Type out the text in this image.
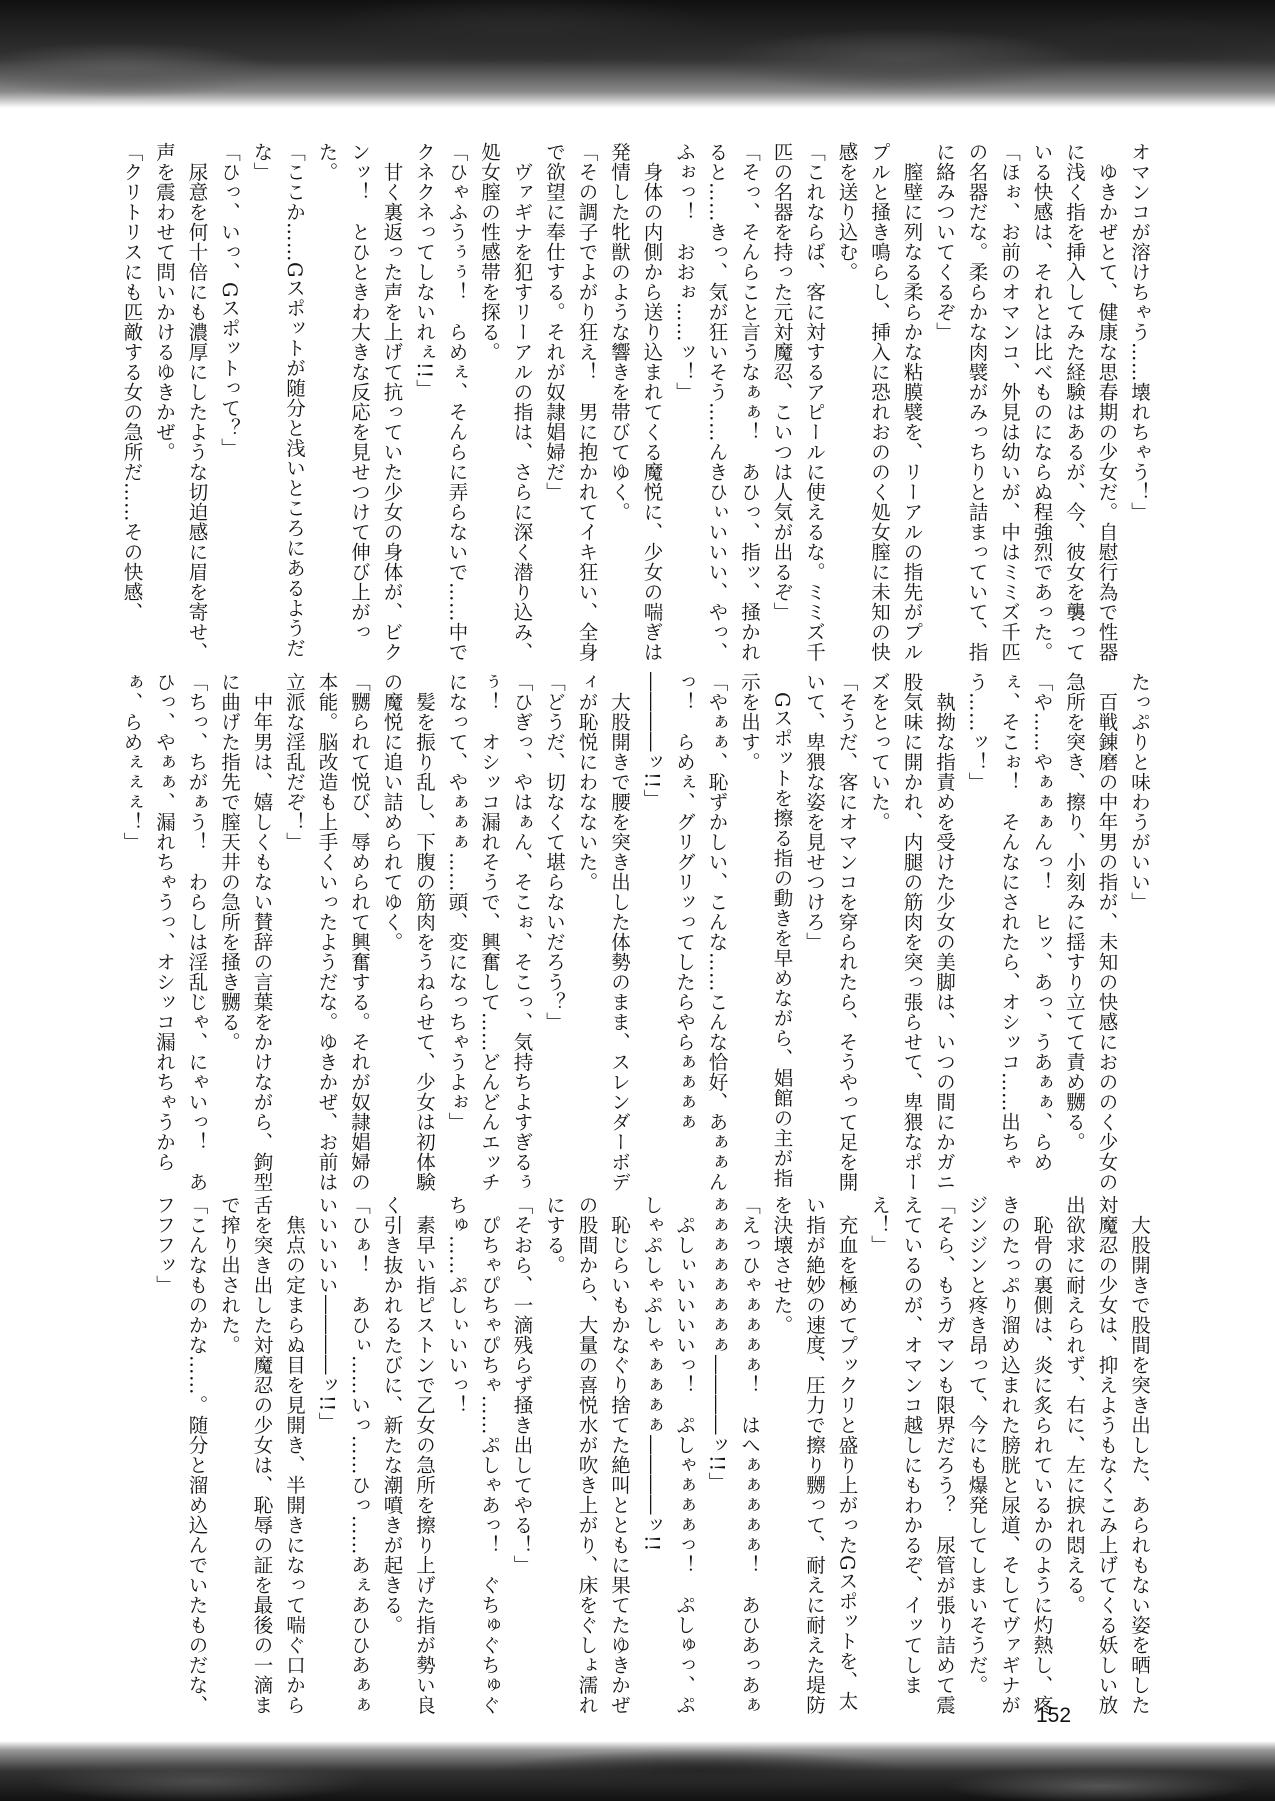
オマンコが溶けちゃう……壊れちゃう！」
　ゆきかぜとて、健康な思春期の少女だ。自慰行為で性器に浅く指を挿入してみた経験はあるが、今、彼女を襲っている快感は、それとは比べものにならぬ程強烈であった。
「ほぉ、お前のオマンコ、外見は幼いが、中はミミズ千匹の名器だな。柔らかな肉襞がみっちりと詰まっていて、指に絡みついてくるぞ」
　膣壁に列なる柔らかな粘膜襞を、リーアルの指先がプルプルと掻き鳴らし、挿入に恐れおののく処女膣に未知の快感を送り込む。
「これならば、客に対するアピールに使えるな。ミミズ千匹の名器を持った元対魔忍、こいつは人気が出るぞ」
「そっ、そんらこと言うなぁぁ！　あひっ、指ッ、掻かれると……きっ、気が狂いそう……んきひぃいいい、やっ、ふぉっ！　おおぉ……ッ！」
　身体の内側から送り込まれてくる魔悦に、少女の喘ぎは発情した牝獣のような響きを帯びてゆく。
「その調子でよがり狂え！　男に抱かれてイキ狂い、全身で欲望に奉仕する。それが奴隷娼婦だ」
　ヴァギナを犯すリーアルの指は、さらに深く潜り込み、処女膣の性感帯を探る。
「ひゃふうぅぅ！　らめぇ、そんらに弄らないで……中でクネクネってしないれぇ!!」
　甘く裏返った声を上げて抗っていた少女の身体が、ビクンッ！　とひときわ大きな反応を見せつけて伸び上がった。
「ここか……Gスポットが随分と浅いところにあるようだな」
「ひっ、いっ、Gスポットって？」
　尿意を何十倍にも濃厚にしたような切迫感に眉を寄せ、声を震わせて問いかけるゆきかぜ。
「クリトリスにも匹敵する女の急所だ……その快感、

たっぷりと味わうがいい」
　百戦錬磨の中年男の指が、未知の快感におののく少女の急所を突き、擦り、小刻みに揺すり立てて責め嬲る。
「や……やぁぁぁんっ！　ヒッ、あっ、うあぁぁ、らめぇ、そこぉ！　そんなにされたら、オシッコ……出ちゃう……ッ！」
　執拗な指責めを受けた少女の美脚は、いつの間にかガニ股気味に開かれ、内腿の筋肉を突っ張らせて、卑猥なポーズをとっていた。
「そうだ、客にオマンコを穿られたら、そうやって足を開いて、卑猥な姿を見せつけろ」
　Gスポットを擦る指の動きを早めながら、娼館の主が指示を出す。
「やぁぁ、恥ずかしい、こんな……こんな恰好、あぁぁんっ！　らめぇ、グリグリッってしたらやらぁぁぁぁ――――ッ!!」
　大股開きで腰を突き出した体勢のまま、スレンダーボディが恥悦にわなないた。
「どうだ、切なくて堪らないだろう？」
「ひぎっ、やはぁん、そこぉ、そこっ、気持ちよすぎるぅぅ！　オシッコ漏れそうで、興奮して……どんどんエッチになって、やぁぁぁ……頭、変になっちゃうよぉ」
　髪を振り乱し、下腹の筋肉をうねらせて、少女は初体験の魔悦に追い詰められてゆく。
「嬲られて悦び、辱められて興奮する。それが奴隷娼婦の本能。脳改造も上手くいったようだな。ゆきかぜ、お前は立派な淫乱だぞ！」
　中年男は、嬉しくもない賛辞の言葉をかけながら、鉤型に曲げた指先で膣天井の急所を掻き嬲る。
「ちっ、ちがぁう！　わらしは淫乱じゃ、にゃいっ！　あひっ、やぁぁ、漏れちゃうっ、オシッコ漏れちゃうからぁ、らめぇぇぇ！」

　大股開きで股間を突き出した、あられもない姿を晒した対魔忍の少女は、抑えようもなくこみ上げてくる妖しい放出欲求に耐えられず、右に、左に捩れ悶える。
　恥骨の裏側は、炎に炙られているかのように灼熱し、疼きのたっぷり溜め込まれた膀胱と尿道、そしてヴァギナがジンジンと疼き昂って、今にも爆発してしまいそうだ。
「そら、もうガマンも限界だろう？　尿管が張り詰めて震えているのが、オマンコ越しにもわかるぞ、イッてしまえ！」
　充血を極めてプックリと盛り上がったGスポットを、太い指が絶妙の速度、圧力で擦り嬲って、耐えに耐えた堤防を決壊させた。
「えっひゃぁぁぁぁ！　はへぁぁぁぁぁ！　あひあっあぁぁぁぁぁぁぁぁぁ――――ッ!!」
　ぷしぃいいいいっ！　ぷしゃぁぁぁっ！　ぷしゅっ、ぷしゃぷしゃぷしゃぁぁぁぁ――――ッ!!
　恥じらいもかなぐり捨てた絶叫とともに果てたゆきかぜの股間から、大量の喜悦水が吹き上がり、床をぐしょ濡れにする。
「そおら、一滴残らず掻き出してやる！」
　ぴちゃぴちゃぴちゃ……ぷしゃあっ！　ぐちゅぐちゅぐちゅ……ぷしぃいいっ！
　素早い指ピストンで乙女の急所を擦り上げた指が勢い良く引き抜かれるたびに、新たな潮噴きが起きる。
「ひぁ！　あひぃ……いっ……ひっ……あぇあひひあぁぁいいいいい――――ッ!!」
　焦点の定まらぬ目を見開き、半開きになって喘ぐ口から舌を突き出した対魔忍の少女は、恥辱の証を最後の一滴まで搾り出された。
「こんなものかな……。随分と溜め込んでいたものだな、フフフッ」

152
